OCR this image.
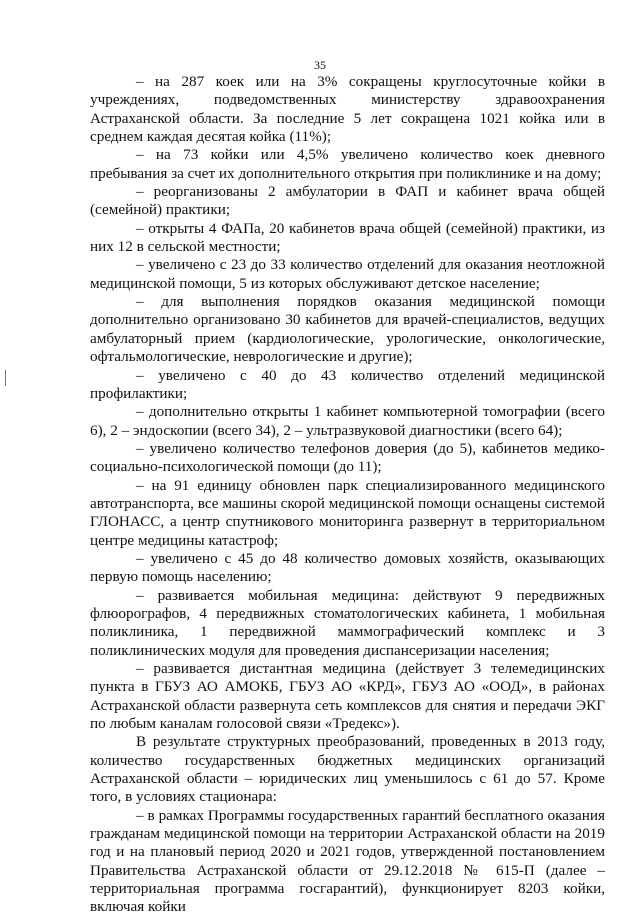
35

– на 287 коек или на 3% сокращены круглосуточные койки в учреждениях, подведомственных министерству здравоохранения Астраханской области. За последние 5 лет сокращена 1021 койка или в среднем каждая десятая койка (11%);

– на 73 койки или 4,5% увеличено количество коек дневного пребывания за счет их дополнительного открытия при поликлинике и на дому;

– реорганизованы 2 амбулатории в ФАП и кабинет врача общей (семейной) практики;

– открыты 4 ФАПа, 20 кабинетов врача общей (семейной) практики, из них 12 в сельской местности;

– увеличено с 23 до 33 количество отделений для оказания неотложной медицинской помощи, 5 из которых обслуживают детское население;

– для выполнения порядков оказания медицинской помощи дополнительно организовано 30 кабинетов для врачей-специалистов, ведущих амбулаторный прием (кардиологические, урологические, онкологические, офтальмологические, неврологические и другие);

– увеличено с 40 до 43 количество отделений медицинской профилактики;

– дополнительно открыты 1 кабинет компьютерной томографии (всего 6), 2 – эндоскопии (всего 34), 2 – ультразвуковой диагностики (всего 64);

– увеличено количество телефонов доверия (до 5), кабинетов медико-социально-психологической помощи (до 11);

– на 91 единицу обновлен парк специализированного медицинского автотранспорта, все машины скорой медицинской помощи оснащены системой ГЛОНАСС, а центр спутникового мониторинга развернут в территориальном центре медицины катастроф;

– увеличено с 45 до 48 количество домовых хозяйств, оказывающих первую помощь населению;

– развивается мобильная медицина: действуют 9 передвижных флюорографов, 4 передвижных стоматологических кабинета, 1 мобильная поликлиника, 1 передвижной маммографический комплекс и 3 поликлинических модуля для проведения диспансеризации населения;

– развивается дистантная медицина (действует 3 телемедицинских пункта в ГБУЗ АО АМОКБ, ГБУЗ АО «КРД», ГБУЗ АО «ООД», в районах Астраханской области развернута сеть комплексов для снятия и передачи ЭКГ по любым каналам голосовой связи «Тредекс»).

В результате структурных преобразований, проведенных в 2013 году, количество государственных бюджетных медицинских организаций Астраханской области – юридических лиц уменьшилось с 61 до 57. Кроме того, в условиях стационара:

– в рамках Программы государственных гарантий бесплатного оказания гражданам медицинской помощи на территории Астраханской области на 2019 год и на плановый период 2020 и 2021 годов, утвержденной постановлением Правительства Астраханской области от 29.12.2018 № 615-П (далее – территориальная программа госгарантий), функционирует 8203 койки, включая койки
